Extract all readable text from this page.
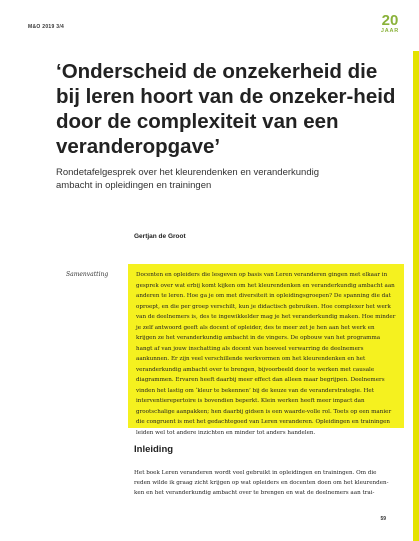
M&O 2019 3/4	20
JAAR
‘Onderscheid de onzekerheid die bij leren hoort van de onzeker-heid door de complexiteit van een veranderopgave’

Rondetafelgesprek over het kleurendenken en veranderkundig ambacht in opleidingen en trainingen

Gertjan de Groot
Samenvatting	Docenten en opleiders die lesgeven op basis van Leren veranderen gingen met elkaar in gesprek over wat erbij komt kijken om het kleurendenken en veranderkundig ambacht aan anderen te leren. Hoe ga je om met diversiteit in opleidingsgroepen? De spanning die dat oproept, en die per groep verschilt, kun je didactisch gebruiken. Hoe complexer het werk van de deelnemers is, des te ingewikkelder mag je het veranderkundig maken. Hoe minder je zelf antwoord geeft als docent of opleider, des te meer zet je hen aan het werk en krijgen ze het veranderkundig ambacht in de vingers. De opbouw van het programma hangt af van jouw inschatting als docent van hoeveel verwarring de deelnemers aankunnen. Er zijn veel verschillende werkvormen om het kleurendenken en het veranderkundig ambacht over te brengen, bijvoorbeeld door te werken met causale diagrammen. Ervaren heeft daarbij meer effect dan alleen maar begrijpen. Deelnemers vinden het lastig om ‘kleur te bekennen’ bij de keuze van de veranderstrategie. Het interventierepertoire is bovendien beperkt. Klein werken heeft meer impact dan grootschalige aanpakken; hen daarbij gidsen is een waarde-volle rol. Toets op een manier die congruent is met het gedachtegoed van Leren veranderen. Opleidingen en trainingen leiden wel tot andere inzichten en minder tot anders handelen.

Inleiding

Het boek Leren veranderen wordt veel gebruikt in opleidingen en trainingen. Om die reden wilde ik graag zicht krijgen op wat opleiders en docenten doen om het kleurenden-ken en het veranderkundig ambacht over te brengen en wat de deelnemers aan trai-

59
